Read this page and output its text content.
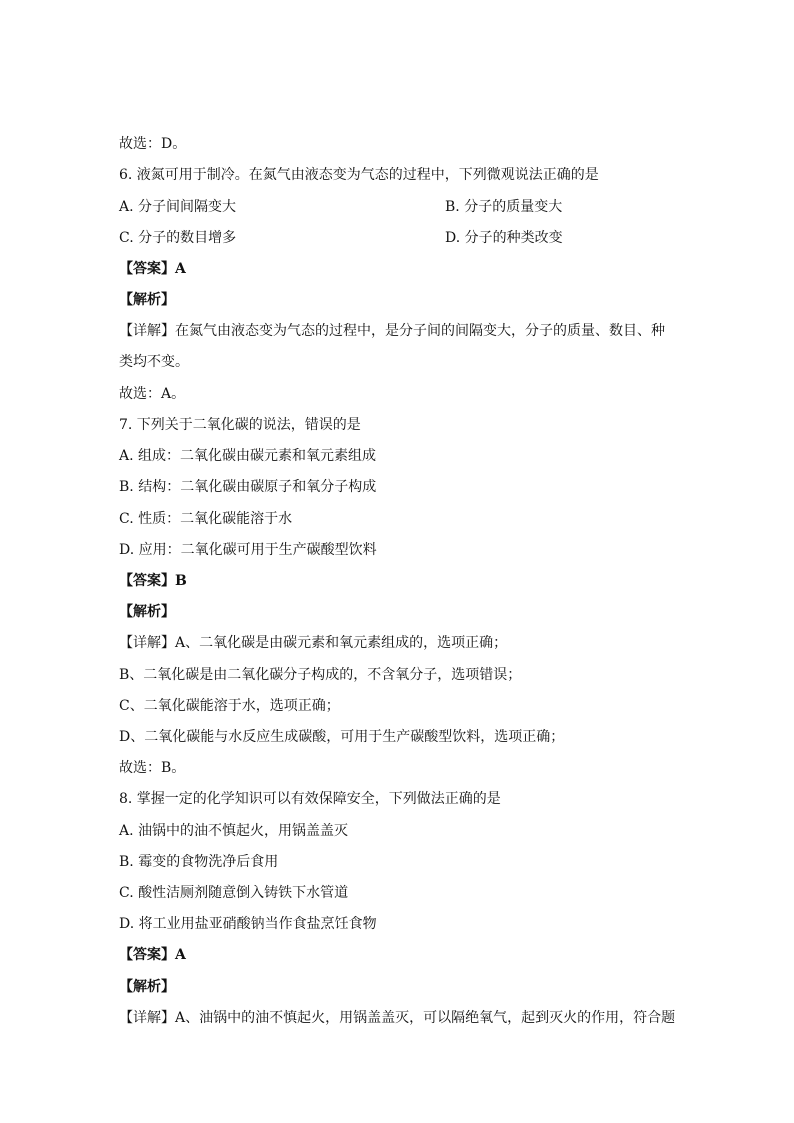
故选：D。
6. 液氮可用于制冷。在氮气由液态变为气态的过程中，下列微观说法正确的是
A. 分子间间隔变大	B. 分子的质量变大
C. 分子的数目增多	D. 分子的种类改变
【答案】A
【解析】
【详解】在氮气由液态变为气态的过程中，是分子间的间隔变大，分子的质量、数目、种
类均不变。
故选：A。
7. 下列关于二氧化碳的说法，错误的是
A. 组成：二氧化碳由碳元素和氧元素组成
B. 结构：二氧化碳由碳原子和氧分子构成
C. 性质：二氧化碳能溶于水
D. 应用：二氧化碳可用于生产碳酸型饮料
【答案】B
【解析】
【详解】A、二氧化碳是由碳元素和氧元素组成的，选项正确；
B、二氧化碳是由二氧化碳分子构成的，不含氧分子，选项错误；
C、二氧化碳能溶于水，选项正确；
D、二氧化碳能与水反应生成碳酸，可用于生产碳酸型饮料，选项正确；
故选：B。
8. 掌握一定的化学知识可以有效保障安全，下列做法正确的是
A. 油锅中的油不慎起火，用锅盖盖灭
B. 霉变的食物洗净后食用
C. 酸性洁厕剂随意倒入铸铁下水管道
D. 将工业用盐亚硝酸钠当作食盐烹饪食物
【答案】A
【解析】
【详解】A、油锅中的油不慎起火，用锅盖盖灭，可以隔绝氧气，起到灭火的作用，符合题
